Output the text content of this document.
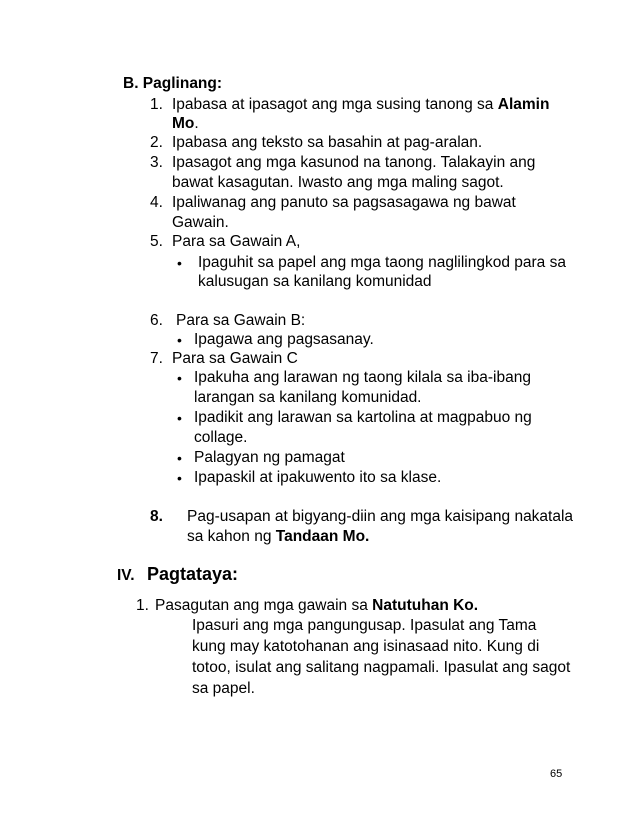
B. Paglinang:
1. Ipabasa at ipasagot ang mga susing tanong sa Alamin
Mo.
2. Ipabasa ang teksto sa basahin at pag-aralan.
3. Ipasagot ang mga kasunod na tanong. Talakayin ang
bawat kasagutan. Iwasto ang mga maling sagot.
4. Ipaliwanag ang panuto sa pagsasagawa ng bawat
Gawain.
5. Para sa Gawain A,
• Ipaguhit sa papel ang mga taong naglilingkod para sa
kalusugan sa kanilang komunidad
6. Para sa Gawain B:
• Ipagawa ang pagsasanay.
7. Para sa Gawain C
• Ipakuha ang larawan ng taong kilala sa iba-ibang
larangan sa kanilang komunidad.
• Ipadikit ang larawan sa kartolina at magpabuo ng
collage.
• Palagyan ng pamagat
• Ipapaskil at ipakuwento ito sa klase.
8. Pag-usapan at bigyang-diin ang mga kaisipang nakatala
sa kahon ng Tandaan Mo.
IV. Pagtataya:
1. Pasagutan ang mga gawain sa Natutuhan Ko.
Ipasuri ang mga pangungusap. Ipasulat ang Tama
kung may katotohanan ang isinasaad nito. Kung di
totoo, isulat ang salitang nagpamali. Ipasulat ang sagot
sa papel.
65
